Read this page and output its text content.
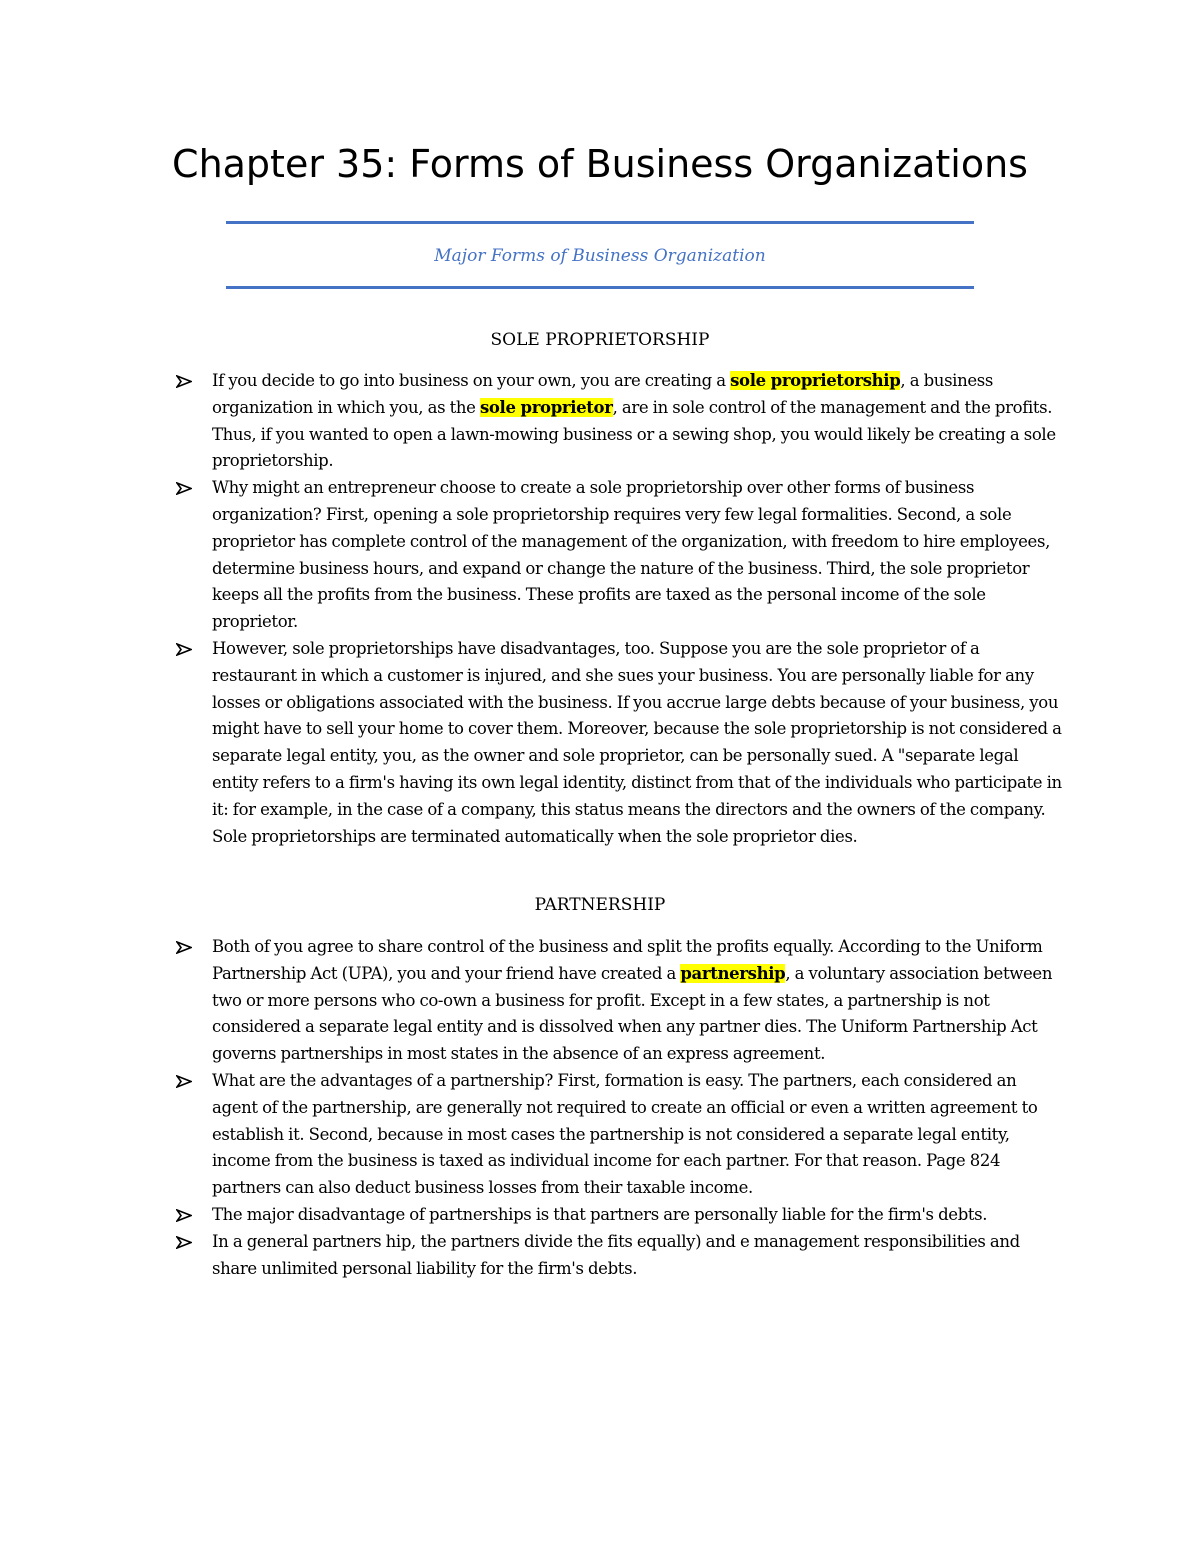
Chapter 35: Forms of Business Organizations
Major Forms of Business Organization
SOLE PROPRIETORSHIP
If you decide to go into business on your own, you are creating a sole proprietorship, a business organization in which you, as the sole proprietor, are in sole control of the management and the profits. Thus, if you wanted to open a lawn-mowing business or a sewing shop, you would likely be creating a sole proprietorship.
Why might an entrepreneur choose to create a sole proprietorship over other forms of business organization? First, opening a sole proprietorship requires very few legal formalities. Second, a sole proprietor has complete control of the management of the organization, with freedom to hire employees, determine business hours, and expand or change the nature of the business. Third, the sole proprietor keeps all the profits from the business. These profits are taxed as the personal income of the sole proprietor.
However, sole proprietorships have disadvantages, too. Suppose you are the sole proprietor of a restaurant in which a customer is injured, and she sues your business. You are personally liable for any losses or obligations associated with the business. If you accrue large debts because of your business, you might have to sell your home to cover them. Moreover, because the sole proprietorship is not considered a separate legal entity, you, as the owner and sole proprietor, can be personally sued. A "separate legal entity refers to a firm's having its own legal identity, distinct from that of the individuals who participate in it: for example, in the case of a company, this status means the directors and the owners of the company. Sole proprietorships are terminated automatically when the sole proprietor dies.
PARTNERSHIP
Both of you agree to share control of the business and split the profits equally. According to the Uniform Partnership Act (UPA), you and your friend have created a partnership, a voluntary association between two or more persons who co-own a business for profit. Except in a few states, a partnership is not considered a separate legal entity and is dissolved when any partner dies. The Uniform Partnership Act governs partnerships in most states in the absence of an express agreement.
What are the advantages of a partnership? First, formation is easy. The partners, each considered an agent of the partnership, are generally not required to create an official or even a written agreement to establish it. Second, because in most cases the partnership is not considered a separate legal entity, income from the business is taxed as individual income for each partner. For that reason. Page 824 partners can also deduct business losses from their taxable income.
The major disadvantage of partnerships is that partners are personally liable for the firm's debts.
In a general partners hip, the partners divide the fits equally) and e management responsibilities and share unlimited personal liability for the firm's debts.
